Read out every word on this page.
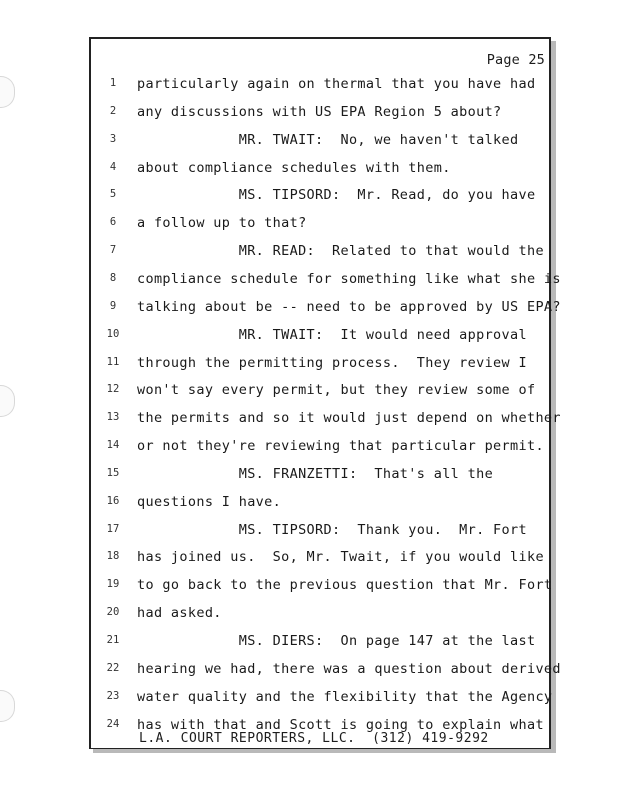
Page 25
1	particularly again on thermal that you have had
2	any discussions with US EPA Region 5 about?
3	MR. TWAIT:  No, we haven't talked
4	about compliance schedules with them.
5	MS. TIPSORD:  Mr. Read, do you have
6	a follow up to that?
7	MR. READ:  Related to that would the
8	compliance schedule for something like what she is
9	talking about be -- need to be approved by US EPA?
10 MR. TWAIT:  It would need approval
11 through the permitting process.  They review I
12 won't say every permit, but they review some of
13 the permits and so it would just depend on whether
14 or not they're reviewing that particular permit.
15 MS. FRANZETTI:  That's all the
16 questions I have.
17 MS. TIPSORD:  Thank you.  Mr. Fort
18 has joined us.  So, Mr. Twait, if you would like
19 to go back to the previous question that Mr. Fort
20 had asked.
21 MS. DIERS:  On page 147 at the last
22 hearing we had, there was a question about derived
23 water quality and the flexibility that the Agency
24 has with that and Scott is going to explain what
L.A. COURT REPORTERS, LLC.  (312) 419-9292
